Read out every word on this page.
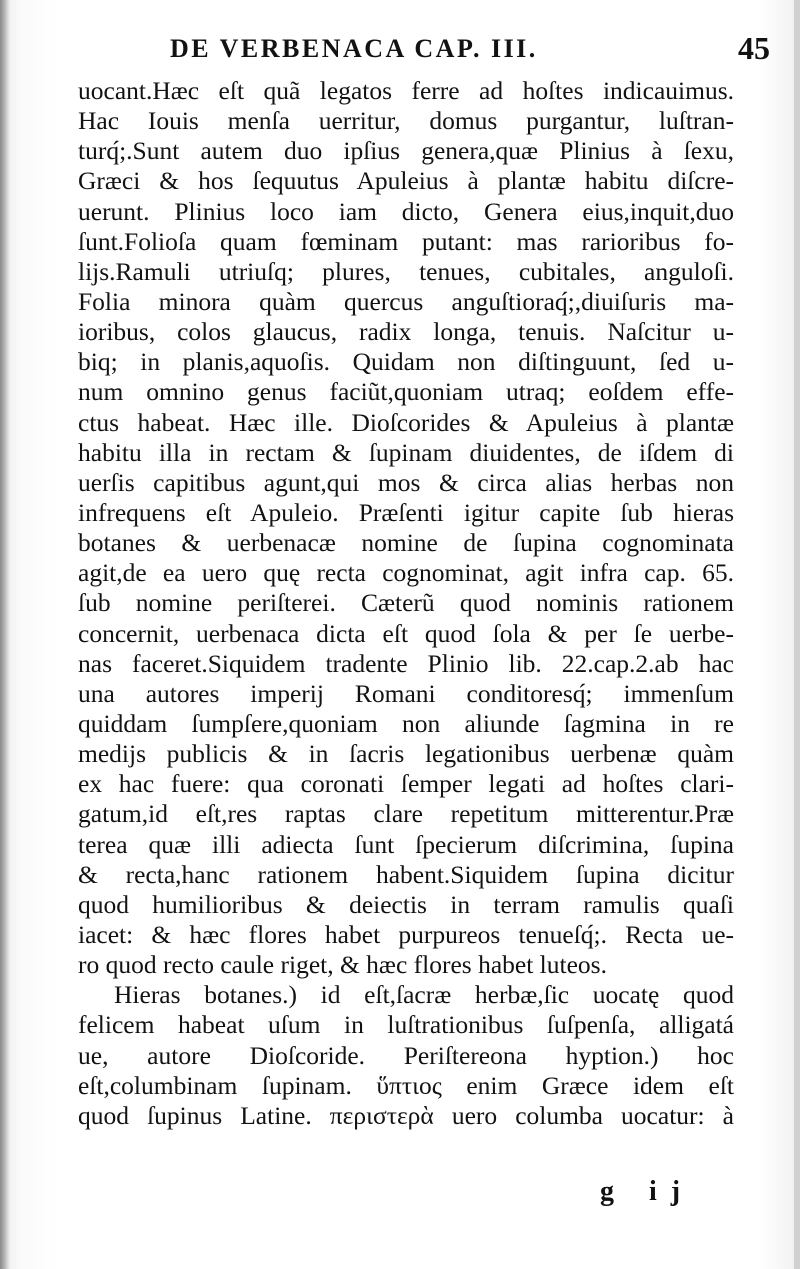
DE VERBENACA CAP. III.	45
uocant.Hæc eſt quã legatos ferre ad hoſtes indicauimus.
Hac Iouis menſa uerritur, domus purgantur, luſtran-
turq́;.Sunt autem duo ipſius genera,quæ Plinius à ſexu,
Græci & hos ſequutus Apuleius à plantæ habitu diſcre-
uerunt. Plinius loco iam dicto, Genera eius,inquit,duo
ſunt.Folioſa quam fœminam putant: mas rarioribus fo-
lijs.Ramuli utriuſq; plures, tenues, cubitales, anguloſi.
Folia minora quàm quercus anguſtioraq́;,diuiſuris ma-
ioribus, colos glaucus, radix longa, tenuis. Naſcitur u-
biq; in planis,aquoſis. Quidam non diſtinguunt, ſed u-
num omnino genus faciũt,quoniam utraq; eoſdem effe-
ctus habeat. Hæc ille. Dioſcorides & Apuleius à plantæ
habitu illa in rectam & ſupinam diuidentes, de iſdem di
uerſis capitibus agunt,qui mos & circa alias herbas non
infrequens eſt Apuleio. Præſenti igitur capite ſub hieras
botanes & uerbenacæ nomine de ſupina cognominata
agit,de ea uero quę recta cognominat, agit infra cap. 65.
ſub nomine periſterei. Cæterũ quod nominis rationem
concernit, uerbenaca dicta eſt quod ſola & per ſe uerbe-
nas faceret.Siquidem tradente Plinio lib. 22.cap.2.ab hac
una autores imperij Romani conditoresq́; immenſum
quiddam ſumpſere,quoniam non aliunde ſagmina in re
medijs publicis & in ſacris legationibus uerbenæ quàm
ex hac fuere: qua coronati ſemper legati ad hoſtes clari-
gatum,id eſt,res raptas clare repetitum mitterentur.Præ
terea quæ illi adiecta ſunt ſpecierum diſcrimina, ſupina
& recta,hanc rationem habent.Siquidem ſupina dicitur
quod humilioribus & deiectis in terram ramulis quaſi
iacet: & hæc flores habet purpureos tenueſq́;. Recta ue-
ro quod recto caule riget, & hæc flores habet luteos.
Hieras botanes.) id eſt,ſacræ herbæ,ſic uocatę quod
felicem habeat uſum in luſtrationibus ſuſpenſa, alligatá
ue, autore Dioſcoride. Periſtereona hyption.) hoc
eſt,columbinam ſupinam. ὕπτιος enim Græce idem eſt
quod ſupinus Latine. περιστερὰ uero columba uocatur: à
g ij
